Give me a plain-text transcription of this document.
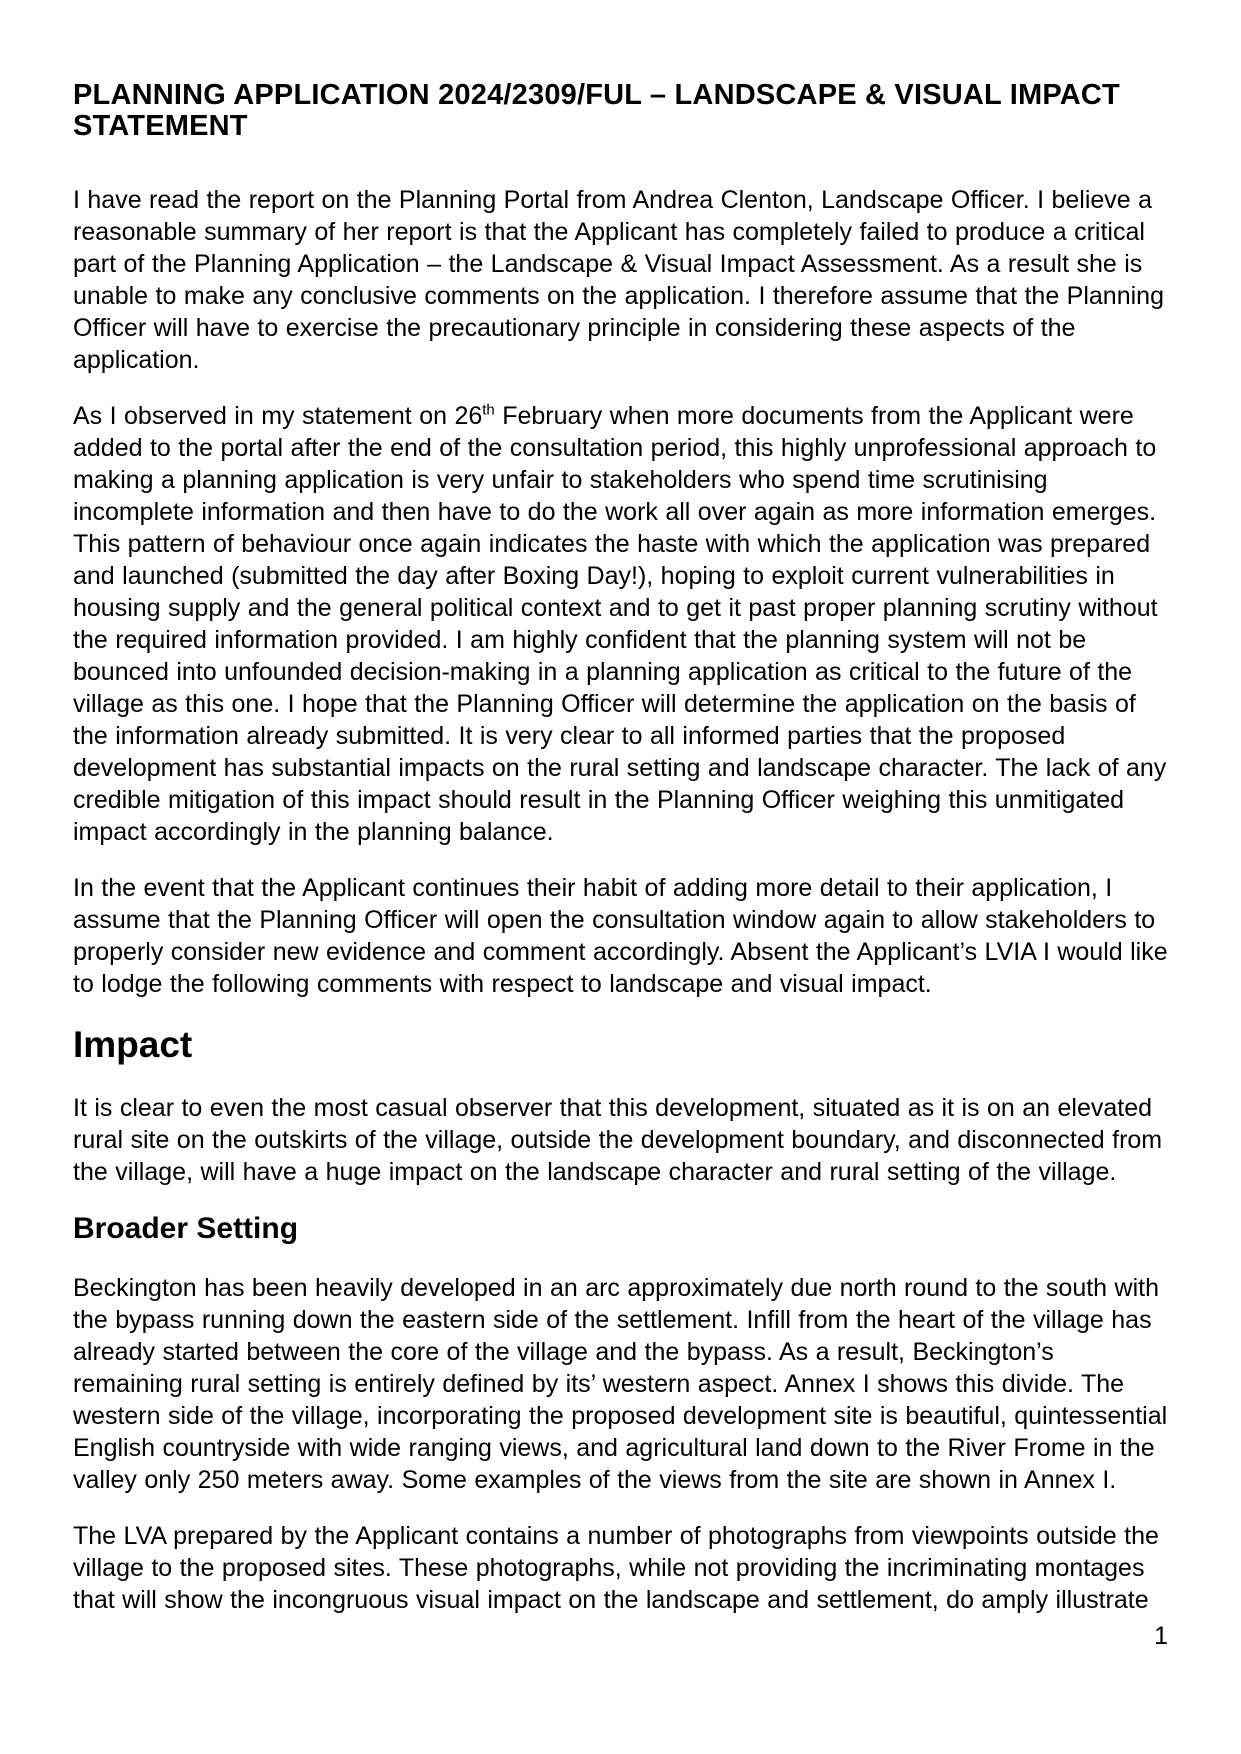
PLANNING APPLICATION 2024/2309/FUL – LANDSCAPE & VISUAL IMPACT STATEMENT

I have read the report on the Planning Portal from Andrea Clenton, Landscape Officer. I believe a reasonable summary of her report is that the Applicant has completely failed to produce a critical part of the Planning Application – the Landscape & Visual Impact Assessment. As a result she is unable to make any conclusive comments on the application. I therefore assume that the Planning Officer will have to exercise the precautionary principle in considering these aspects of the application.

As I observed in my statement on 26th February when more documents from the Applicant were added to the portal after the end of the consultation period, this highly unprofessional approach to making a planning application is very unfair to stakeholders who spend time scrutinising incomplete information and then have to do the work all over again as more information emerges. This pattern of behaviour once again indicates the haste with which the application was prepared and launched (submitted the day after Boxing Day!), hoping to exploit current vulnerabilities in housing supply and the general political context and to get it past proper planning scrutiny without the required information provided. I am highly confident that the planning system will not be bounced into unfounded decision-making in a planning application as critical to the future of the village as this one. I hope that the Planning Officer will determine the application on the basis of the information already submitted. It is very clear to all informed parties that the proposed development has substantial impacts on the rural setting and landscape character. The lack of any credible mitigation of this impact should result in the Planning Officer weighing this unmitigated impact accordingly in the planning balance.

In the event that the Applicant continues their habit of adding more detail to their application, I assume that the Planning Officer will open the consultation window again to allow stakeholders to properly consider new evidence and comment accordingly. Absent the Applicant’s LVIA I would like to lodge the following comments with respect to landscape and visual impact.

Impact

It is clear to even the most casual observer that this development, situated as it is on an elevated rural site on the outskirts of the village, outside the development boundary, and disconnected from the village, will have a huge impact on the landscape character and rural setting of the village.

Broader Setting

Beckington has been heavily developed in an arc approximately due north round to the south with the bypass running down the eastern side of the settlement. Infill from the heart of the village has already started between the core of the village and the bypass. As a result, Beckington’s remaining rural setting is entirely defined by its’ western aspect. Annex I shows this divide. The western side of the village, incorporating the proposed development site is beautiful, quintessential English countryside with wide ranging views, and agricultural land down to the River Frome in the valley only 250 meters away. Some examples of the views from the site are shown in Annex I.

The LVA prepared by the Applicant contains a number of photographs from viewpoints outside the village to the proposed sites. These photographs, while not providing the incriminating montages that will show the incongruous visual impact on the landscape and settlement, do amply illustrate

1
